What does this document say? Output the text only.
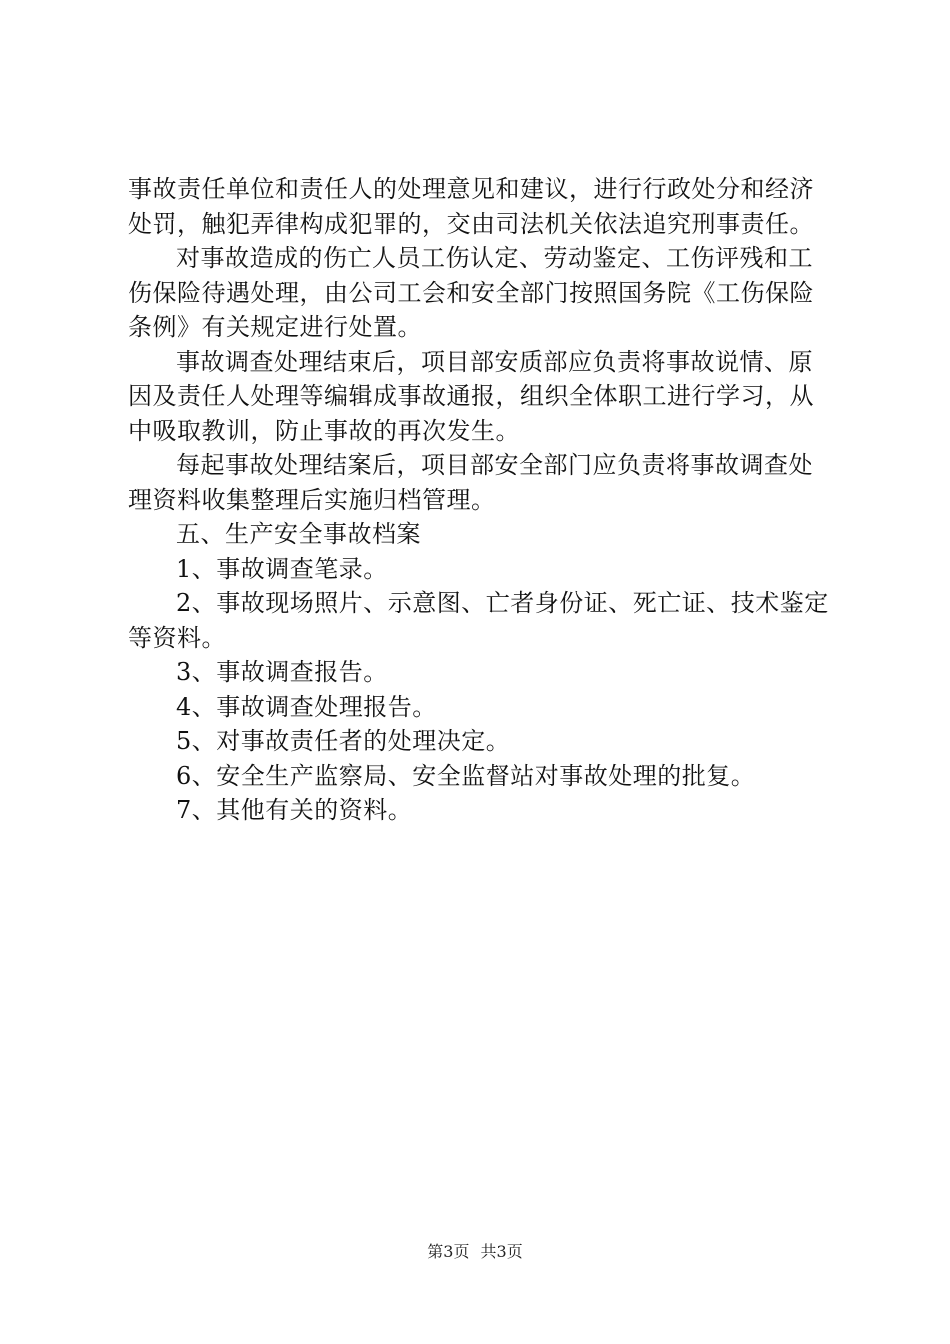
事故责任单位和责任人的处理意见和建议，进行行政处分和经济处罚，触犯弄律构成犯罪的，交由司法机关依法追究刑事责任。

对事故造成的伤亡人员工伤认定、劳动鉴定、工伤评残和工伤保险待遇处理，由公司工会和安全部门按照国务院《工伤保险条例》有关规定进行处置。

事故调查处理结束后，项目部安质部应负责将事故说情、原因及责任人处理等编辑成事故通报，组织全体职工进行学习，从中吸取教训，防止事故的再次发生。

每起事故处理结案后，项目部安全部门应负责将事故调查处理资料收集整理后实施归档管理。

五、生产安全事故档案

1、事故调查笔录。

2、事故现场照片、示意图、亡者身份证、死亡证、技术鉴定等资料。

3、事故调查报告。

4、事故调查处理报告。

5、对事故责任者的处理决定。

6、安全生产监察局、安全监督站对事故处理的批复。

7、其他有关的资料。

第3页 共3页
